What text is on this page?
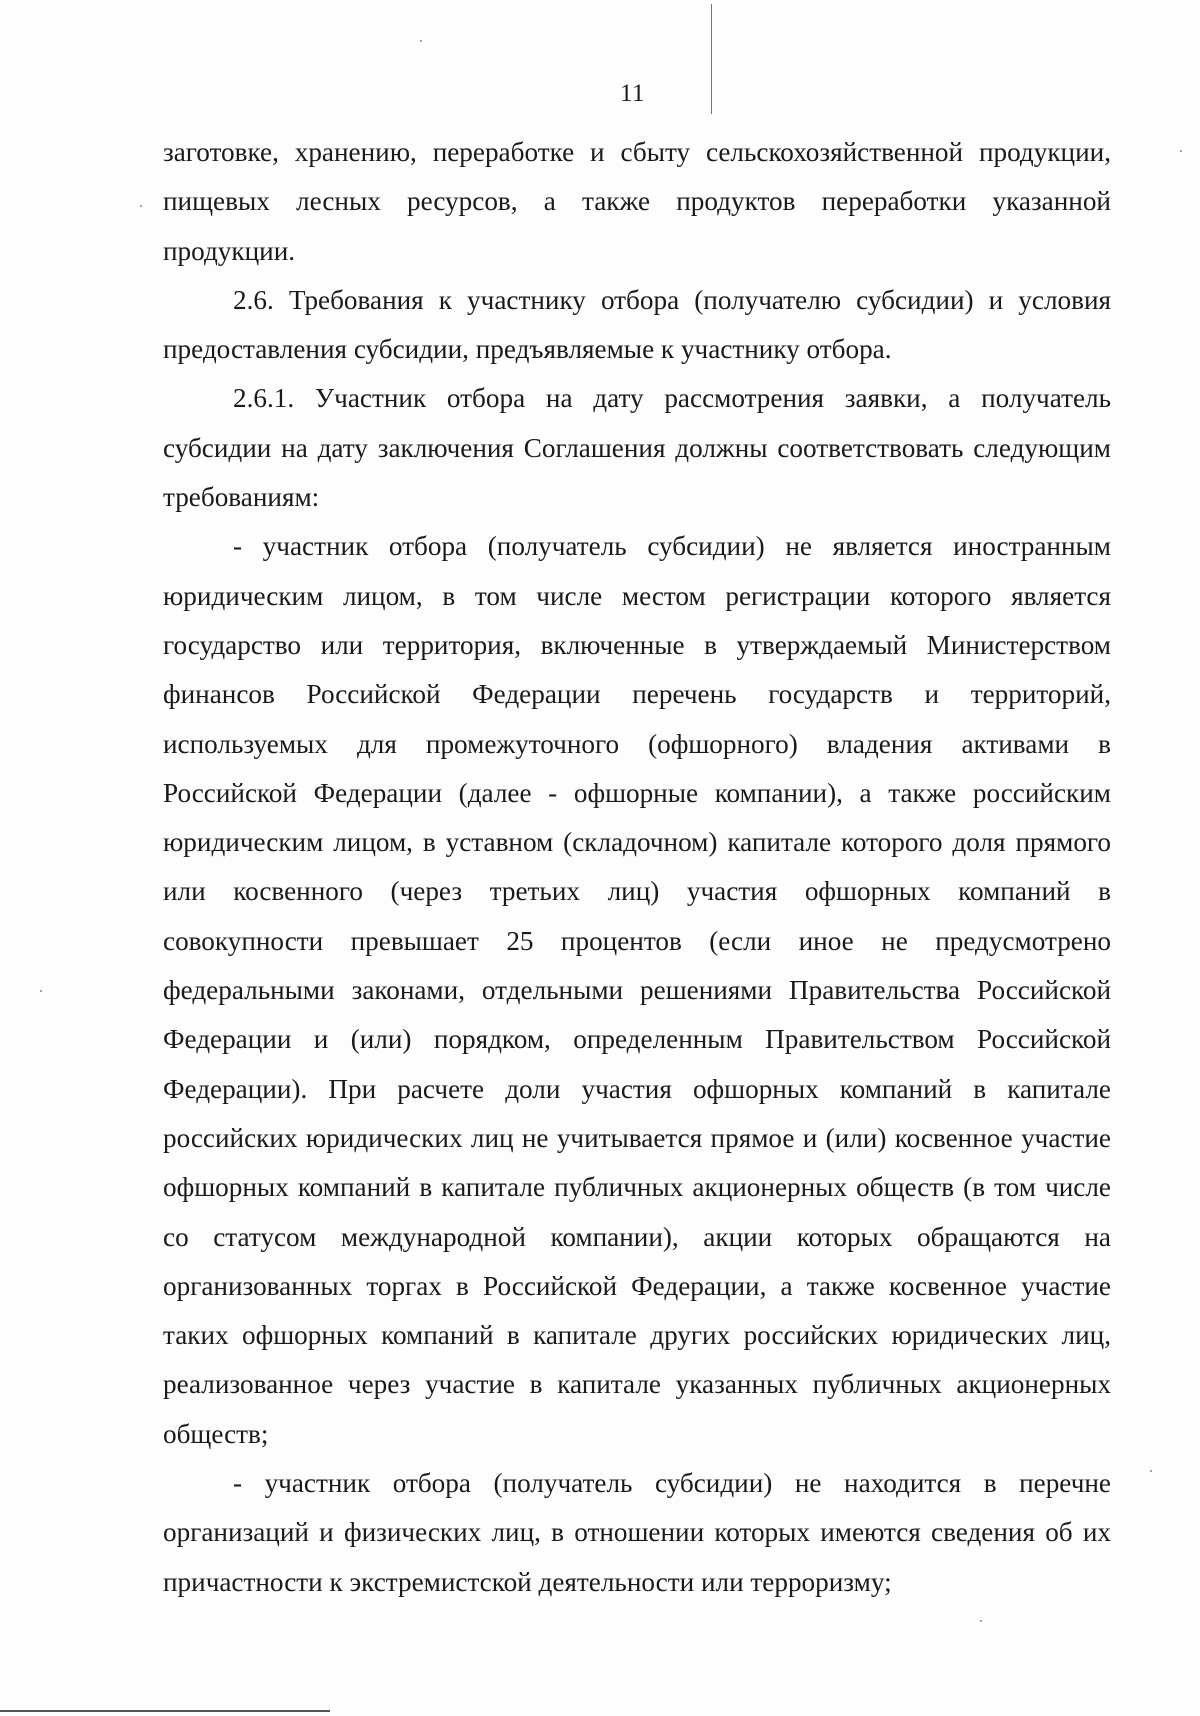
11

заготовке, хранению, переработке и сбыту сельскохозяйственной продукции, пищевых лесных ресурсов, а также продуктов переработки указанной продукции.

2.6. Требования к участнику отбора (получателю субсидии) и условия предоставления субсидии, предъявляемые к участнику отбора.

2.6.1. Участник отбора на дату рассмотрения заявки, а получатель субсидии на дату заключения Соглашения должны соответствовать следующим требованиям:

- участник отбора (получатель субсидии) не является иностранным юридическим лицом, в том числе местом регистрации которого является государство или территория, включенные в утверждаемый Министерством финансов Российской Федерации перечень государств и территорий, используемых для промежуточного (офшорного) владения активами в Российской Федерации (далее - офшорные компании), а также российским юридическим лицом, в уставном (складочном) капитале которого доля прямого или косвенного (через третьих лиц) участия офшорных компаний в совокупности превышает 25 процентов (если иное не предусмотрено федеральными законами, отдельными решениями Правительства Российской Федерации и (или) порядком, определенным Правительством Российской Федерации). При расчете доли участия офшорных компаний в капитале российских юридических лиц не учитывается прямое и (или) косвенное участие офшорных компаний в капитале публичных акционерных обществ (в том числе со статусом международной компании), акции которых обращаются на организованных торгах в Российской Федерации, а также косвенное участие таких офшорных компаний в капитале других российских юридических лиц, реализованное через участие в капитале указанных публичных акционерных обществ;

- участник отбора (получатель субсидии) не находится в перечне организаций и физических лиц, в отношении которых имеются сведения об их причастности к экстремистской деятельности или терроризму;
